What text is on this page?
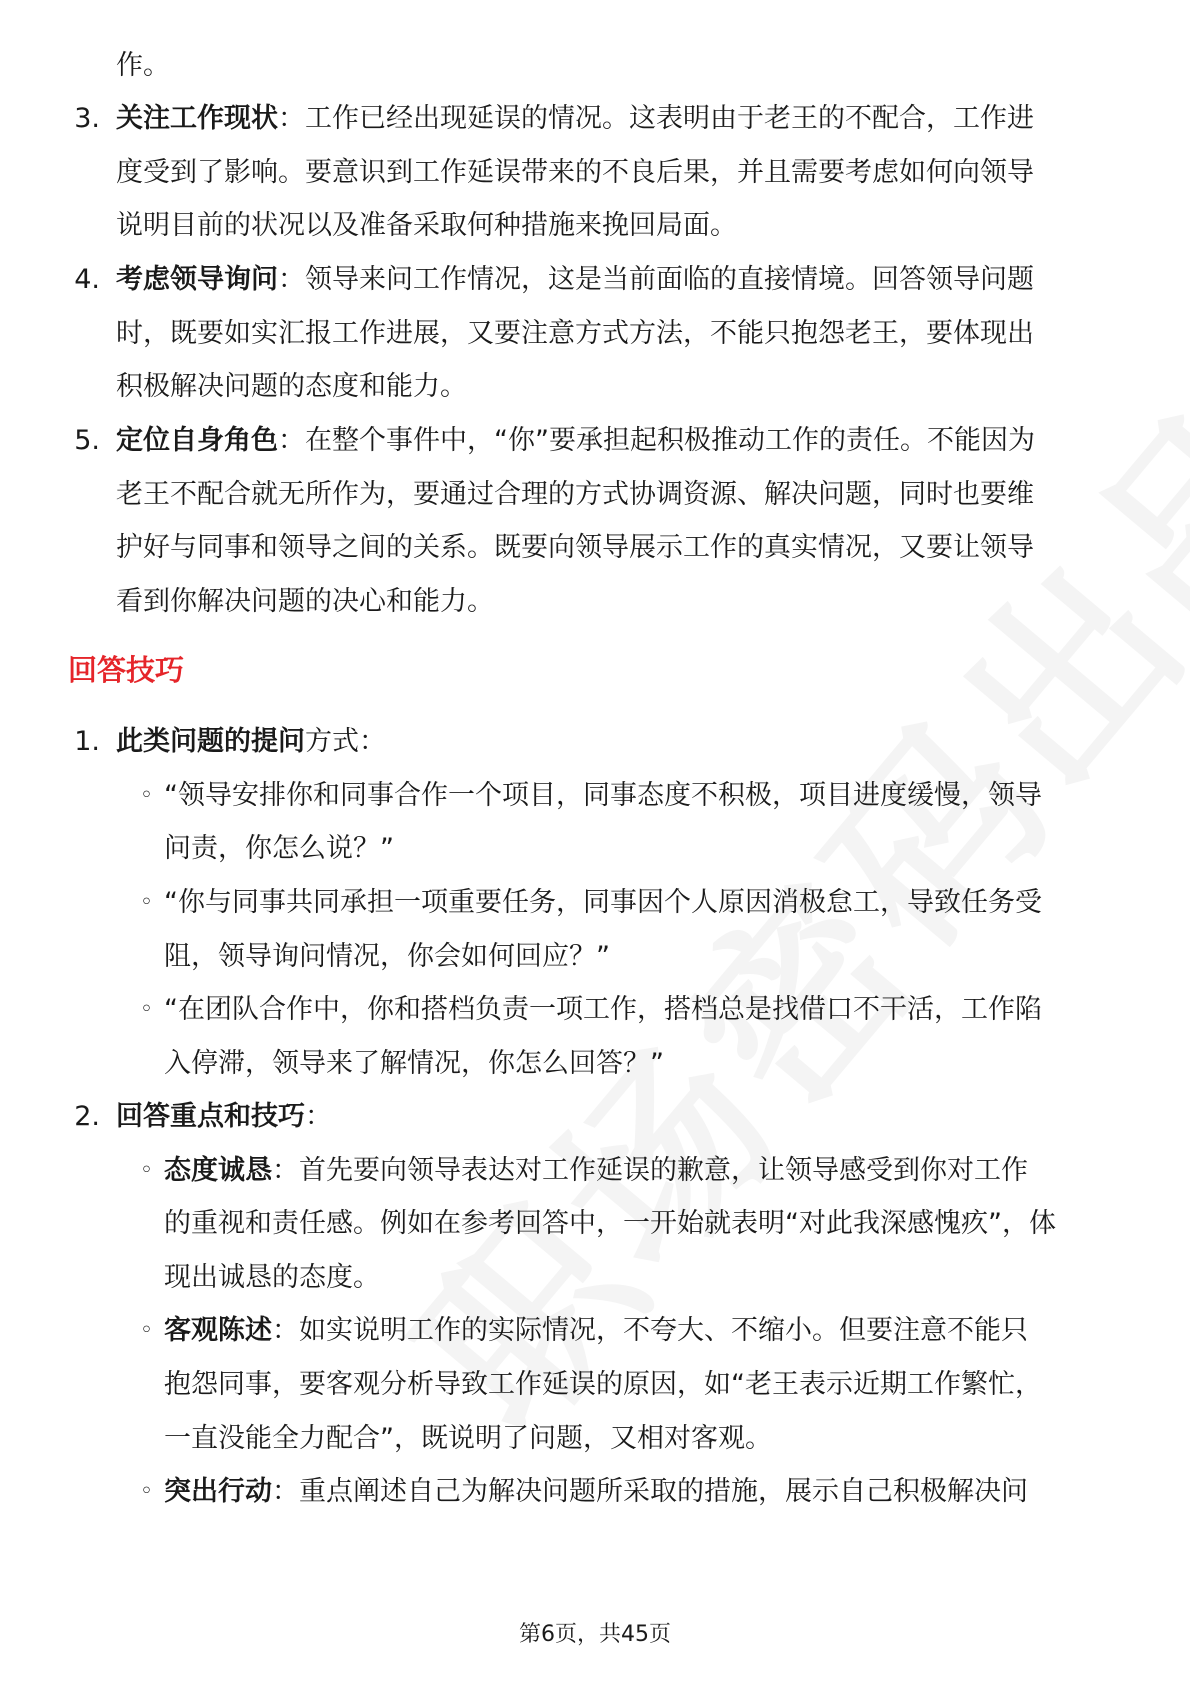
作。
3. 关注工作现状：工作已经出现延误的情况。这表明由于老王的不配合，工作进
度受到了影响。要意识到工作延误带来的不良后果，并且需要考虑如何向领导
说明目前的状况以及准备采取何种措施来挽回局面。
4. 考虑领导询问：领导来问工作情况，这是当前面临的直接情境。回答领导问题
时，既要如实汇报工作进展，又要注意方式方法，不能只抱怨老王，要体现出
积极解决问题的态度和能力。
5. 定位自身角色：在整个事件中，“你”要承担起积极推动工作的责任。不能因为
老王不配合就无所作为，要通过合理的方式协调资源、解决问题，同时也要维
护好与同事和领导之间的关系。既要向领导展示工作的真实情况，又要让领导
看到你解决问题的决心和能力。
回答技巧
1. 此类问题的提问方式：
◦ “领导安排你和同事合作一个项目，同事态度不积极，项目进度缓慢，领导
问责，你怎么说？”
◦ “你与同事共同承担一项重要任务，同事因个人原因消极怠工，导致任务受
阻，领导询问情况，你会如何回应？”
◦ “在团队合作中，你和搭档负责一项工作，搭档总是找借口不干活，工作陷
入停滞，领导来了解情况，你怎么回答？”
2. 回答重点和技巧：
◦ 态度诚恳：首先要向领导表达对工作延误的歉意，让领导感受到你对工作
的重视和责任感。例如在参考回答中，一开始就表明“对此我深感愧疚”，体
现出诚恳的态度。
◦ 客观陈述：如实说明工作的实际情况，不夸大、不缩小。但要注意不能只
抱怨同事，要客观分析导致工作延误的原因，如“老王表示近期工作繁忙，
一直没能全力配合”，既说明了问题，又相对客观。
◦ 突出行动：重点阐述自己为解决问题所采取的措施，展示自己积极解决问
第6页，共45页
